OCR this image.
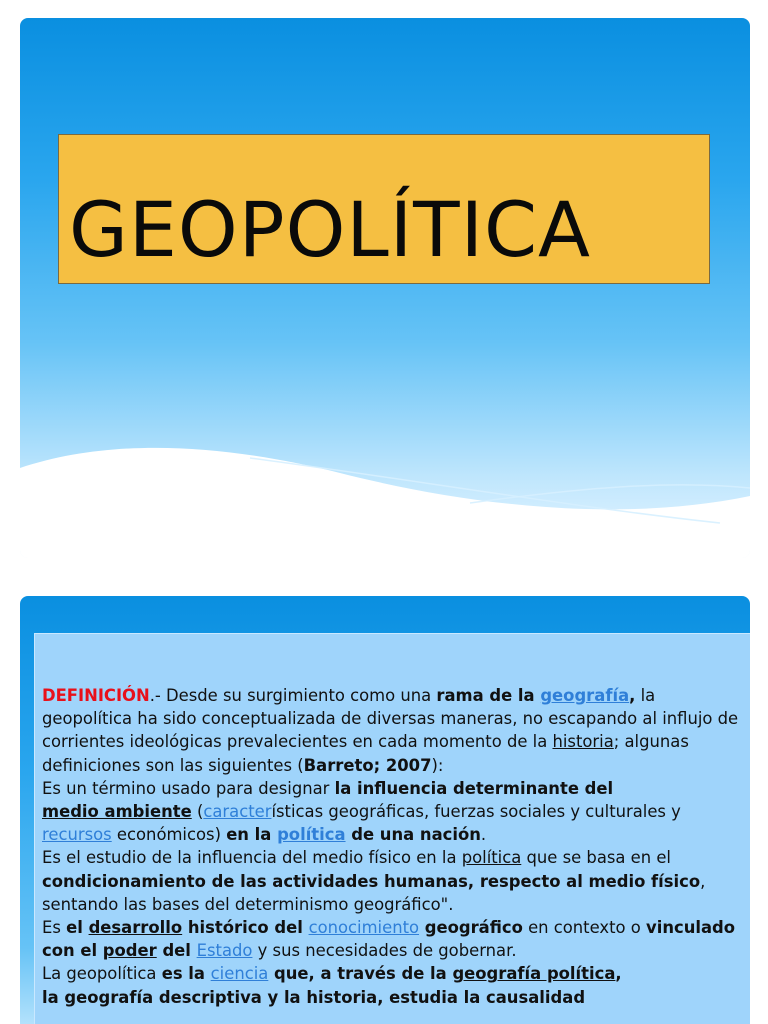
GEOPOLÍTICA
DEFINICIÓN.- Desde su surgimiento como una rama de la geografía, la geopolítica ha sido conceptualizada de diversas maneras, no escapando al influjo de corrientes ideológicas prevalecientes en cada momento de la historia; algunas definiciones son las siguientes (Barreto; 2007):
Es un término usado para designar la influencia determinante del
medio ambiente (características geográficas, fuerzas sociales y culturales y recursos económicos) en la política de una nación.
Es el estudio de la influencia del medio físico en la política que se basa en el condicionamiento de las actividades humanas, respecto al medio físico, sentando las bases del determinismo geográfico".
Es el desarrollo histórico del conocimiento geográfico en contexto o vinculado con el poder del Estado y sus necesidades de gobernar.
La geopolítica es la ciencia que, a través de la geografía política,
la geografía descriptiva y la historia, estudia la causalidad
